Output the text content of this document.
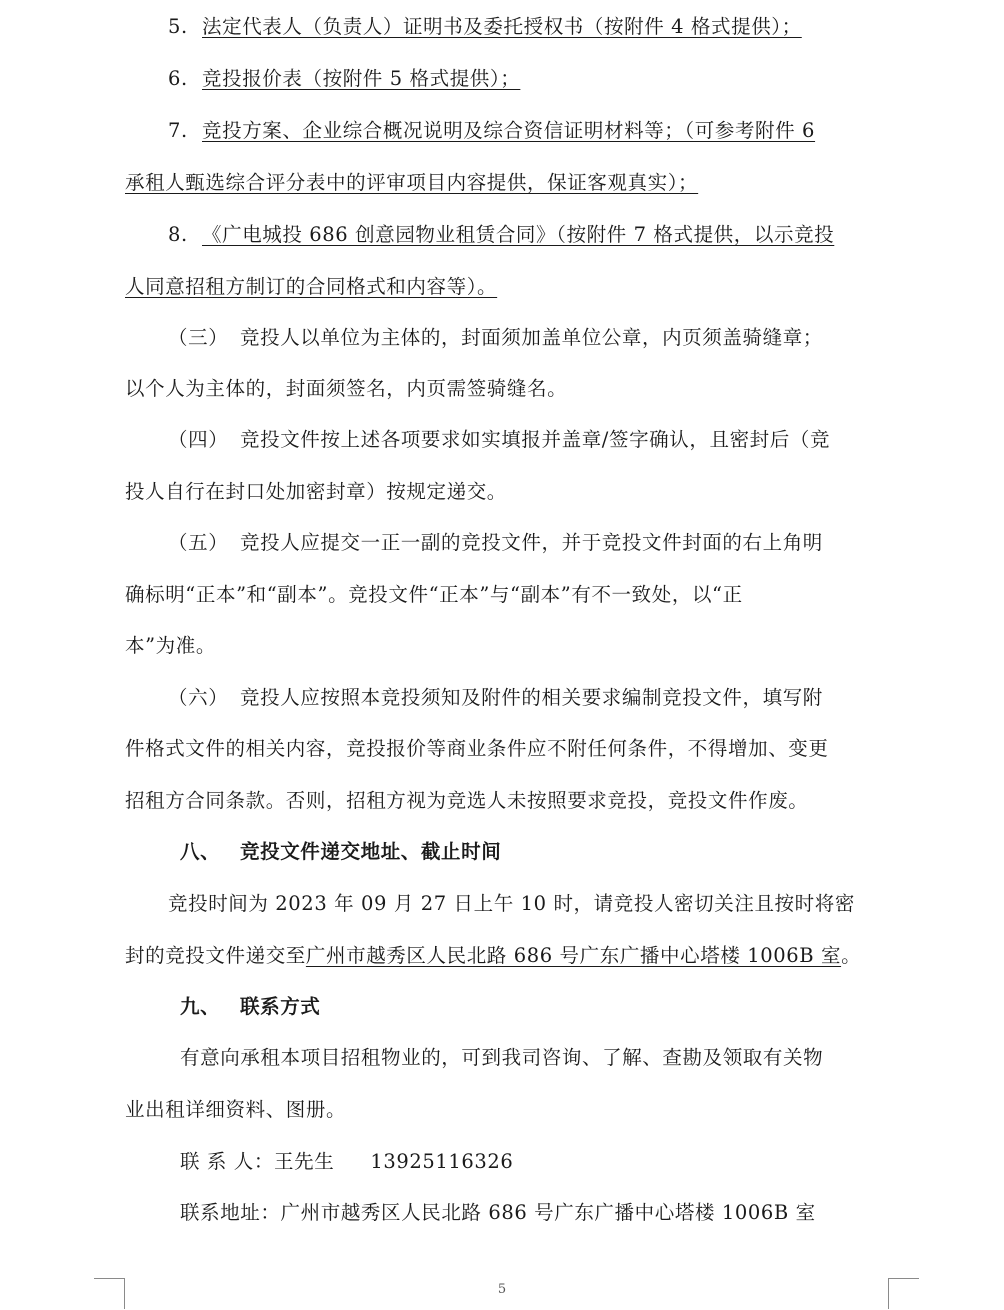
5. 法定代表人（负责人）证明书及委托授权书（按附件 4 格式提供）；
6. 竞投报价表（按附件 5 格式提供）；
7. 竞投方案、企业综合概况说明及综合资信证明材料等；（可参考附件 6
承租人甄选综合评分表中的评审项目内容提供，保证客观真实）；
8. 《广电城投 686 创意园物业租赁合同》（按附件 7 格式提供，以示竞投
人同意招租方制订的合同格式和内容等）。
（三） 竞投人以单位为主体的，封面须加盖单位公章，内页须盖骑缝章；
以个人为主体的，封面须签名，内页需签骑缝名。
（四） 竞投文件按上述各项要求如实填报并盖章/签字确认，且密封后（竞
投人自行在封口处加密封章）按规定递交。
（五） 竞投人应提交一正一副的竞投文件，并于竞投文件封面的右上角明
确标明“正本”和“副本”。竞投文件“正本”与“副本”有不一致处，以“正
本”为准。
（六） 竞投人应按照本竞投须知及附件的相关要求编制竞投文件，填写附
件格式文件的相关内容，竞投报价等商业条件应不附任何条件，不得增加、变更
招租方合同条款。否则，招租方视为竞选人未按照要求竞投，竞投文件作废。
八、 竞投文件递交地址、截止时间
竞投时间为 2023 年 09 月 27 日上午 10 时，请竞投人密切关注且按时将密
封的竞投文件递交至广州市越秀区人民北路 686 号广东广播中心塔楼 1006B 室。
九、 联系方式
有意向承租本项目招租物业的，可到我司咨询、了解、查勘及领取有关物
业出租详细资料、图册。
联 系 人：王先生 13925116326
联系地址：广州市越秀区人民北路 686 号广东广播中心塔楼 1006B 室
5
